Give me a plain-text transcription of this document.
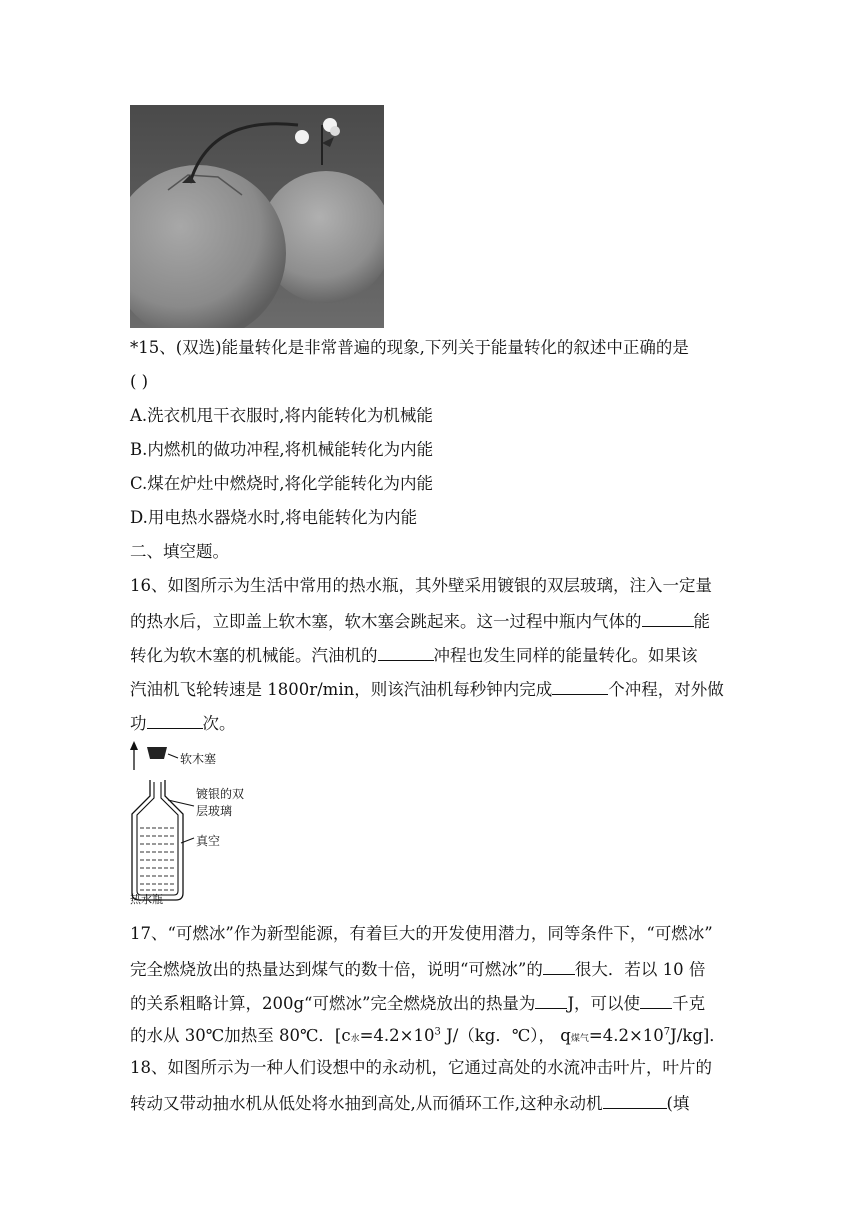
*15、(双选)能量转化是非常普遍的现象,下列关于能量转化的叙述中正确的是
( )
A.洗衣机甩干衣服时,将内能转化为机械能
B.内燃机的做功冲程,将机械能转化为内能
C.煤在炉灶中燃烧时,将化学能转化为内能
D.用电热水器烧水时,将电能转化为内能
二、填空题。
16、如图所示为生活中常用的热水瓶，其外壁采用镀银的双层玻璃，注入一定量
的热水后，立即盖上软木塞，软木塞会跳起来。这一过程中瓶内气体的	能
转化为软木塞的机械能。汽油机的	冲程也发生同样的能量转化。如果该
汽油机飞轮转速是 1800r/min，则该汽油机每秒钟内完成	个冲程，对外做
功	次。
软木塞
镀银的双
层玻璃
真空
热水瓶
17、“可燃冰”作为新型能源，有着巨大的开发使用潜力，同等条件下，“可燃冰”
完全燃烧放出的热量达到煤气的数十倍，说明“可燃冰”的 很大．若以 10 倍
的关系粗略计算，200g“可燃冰”完全燃烧放出的热量为 J，可以使 千克
的水从 30℃加热至 80℃．[c水$=4.2\times 10^3$ J/（kg．℃）， q煤气$=4.2\times 10^7J/kg$]．
18、如图所示为一种人们设想中的永动机，它通过高处的水流冲击叶片，叶片的
转动又带动抽水机从低处将水抽到高处,从而循环工作,这种永动机	(填
